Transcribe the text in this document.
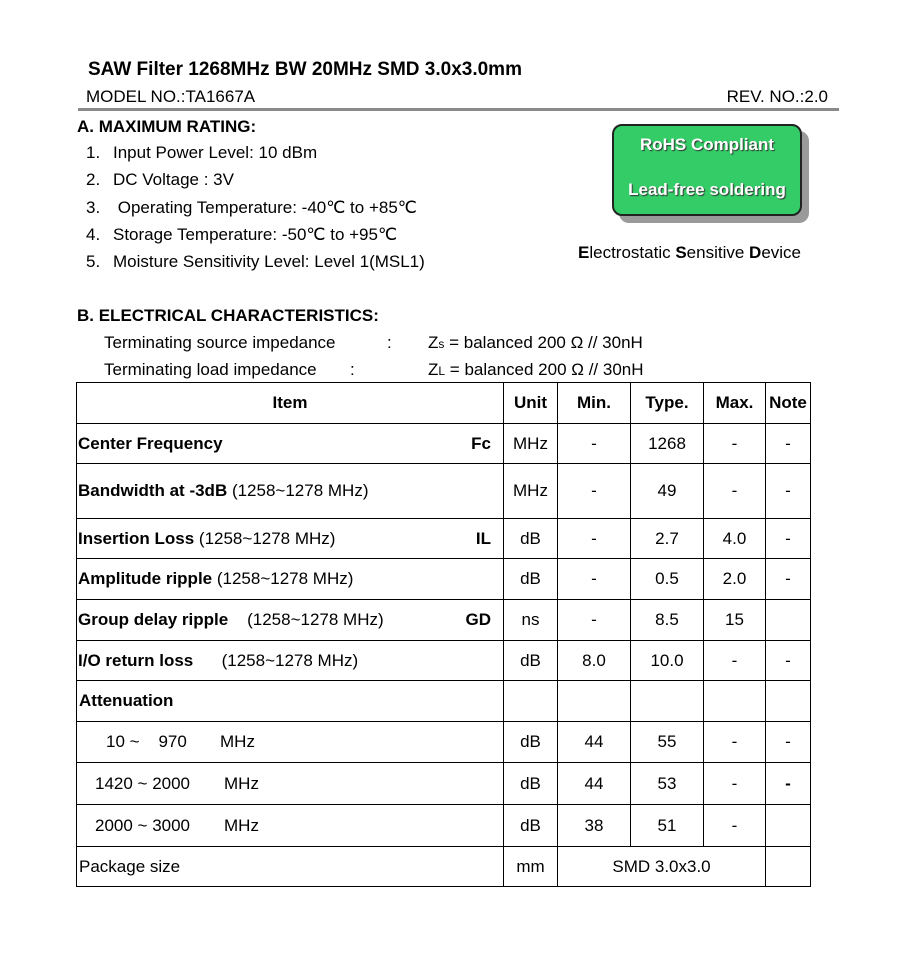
SAW Filter 1268MHz BW 20MHz SMD 3.0x3.0mm
MODEL NO.:TA1667A	REV. NO.:2.0
A. MAXIMUM RATING:
1. Input Power Level: 10 dBm
2. DC Voltage : 3V
3. Operating Temperature: -40℃ to +85℃
4. Storage Temperature: -50℃ to +95℃
5. Moisture Sensitivity Level: Level 1(MSL1)
RoHS Compliant
Lead-free soldering
Electrostatic Sensitive Device
B. ELECTRICAL CHARACTERISTICS:
Terminating source impedance	: Zs = balanced 200 Ω // 30nH
Terminating load impedance :	ZL = balanced 200 Ω // 30nH
Item	Unit	Min.	Type.	Max.	Note

Center Frequency Fc	MHz	-	1268	-	-

Bandwidth at -3dB (1258~1278 MHz)	MHz	-	49	-	-

Insertion Loss (1258~1278 MHz) IL	dB	-	2.7	4.0	-

Amplitude ripple (1258~1278 MHz)	dB	-	0.5	2.0	-

Group delay ripple    (1258~1278 MHz) GD	ns	-	8.5	15	

I/O return loss      (1258~1278 MHz)	dB	8.0	10.0	-	-

Attenuation					

10 ~    970 MHz	dB	44	55	-	-

1420 ~ 2000 MHz	dB	44	53	-	-

2000 ~ 3000 MHz	dB	38	51	-	

Package size	mm	SMD 3.0x3.0			
